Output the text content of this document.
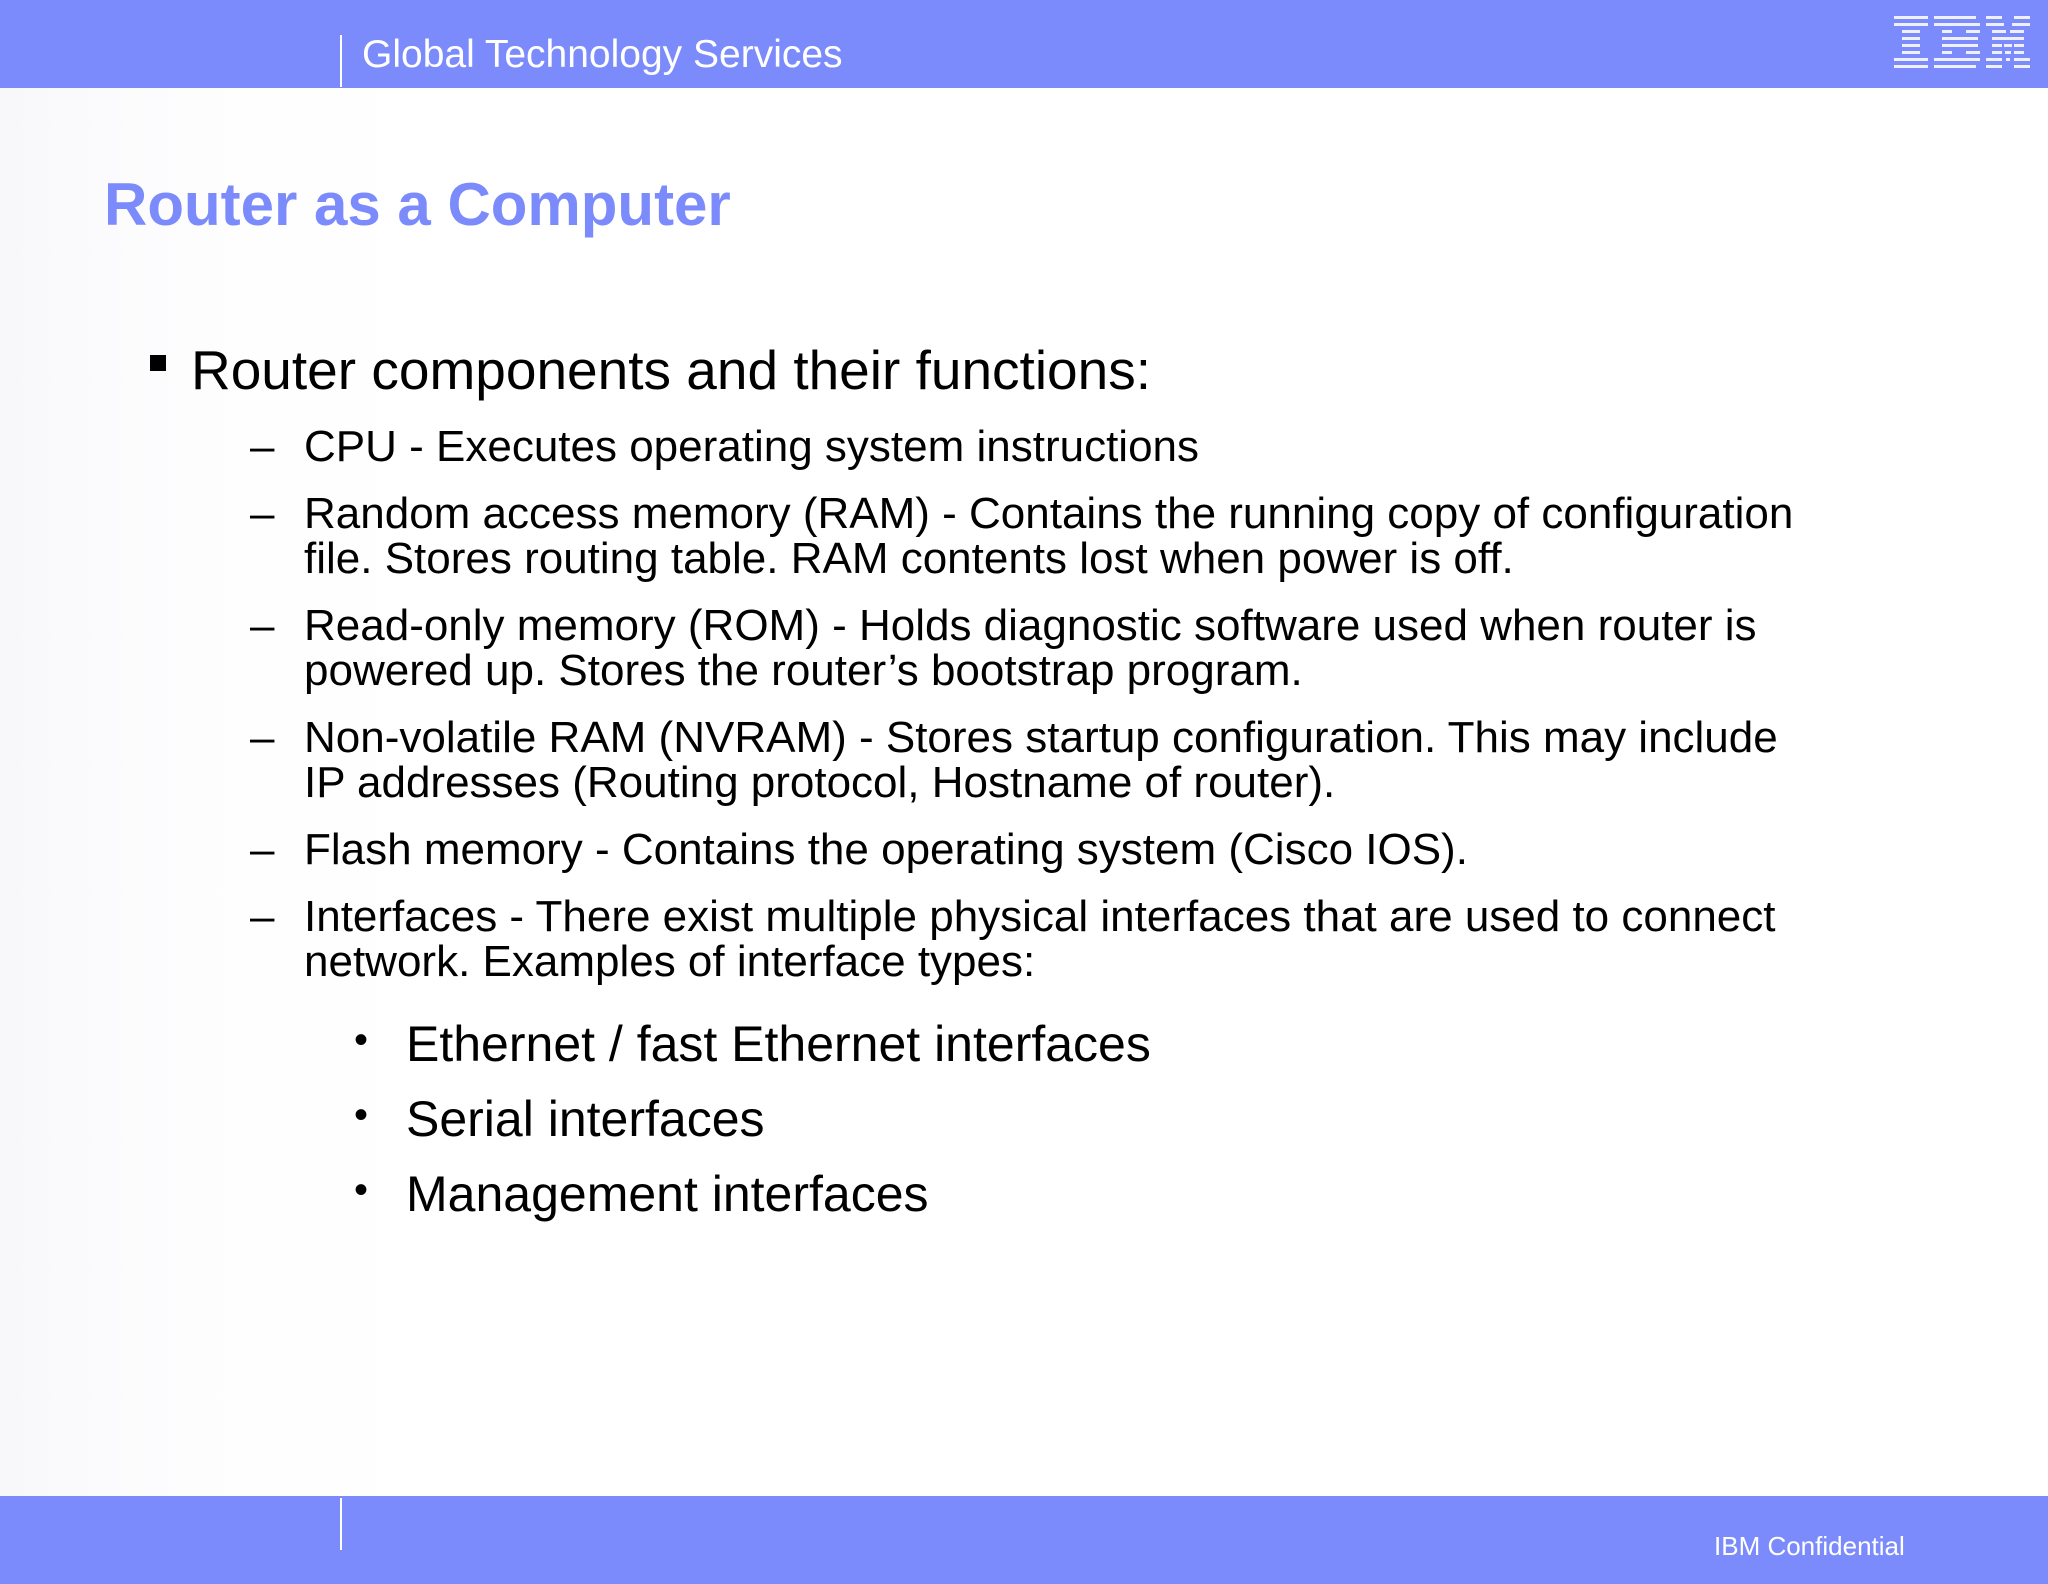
Global Technology Services
Router as a Computer
Router components and their functions:
– CPU - Executes operating system instructions
– Random access memory (RAM) - Contains the running copy of configuration
file. Stores routing table. RAM contents lost when power is off.
– Read-only memory (ROM) - Holds diagnostic software used when router is
powered up. Stores the router’s bootstrap program.
– Non-volatile RAM (NVRAM) - Stores startup configuration. This may include
IP addresses (Routing protocol, Hostname of router).
– Flash memory - Contains the operating system (Cisco IOS).
– Interfaces - There exist multiple physical interfaces that are used to connect
network. Examples of interface types:
• Ethernet / fast Ethernet interfaces
• Serial interfaces
• Management interfaces
IBM Confidential
